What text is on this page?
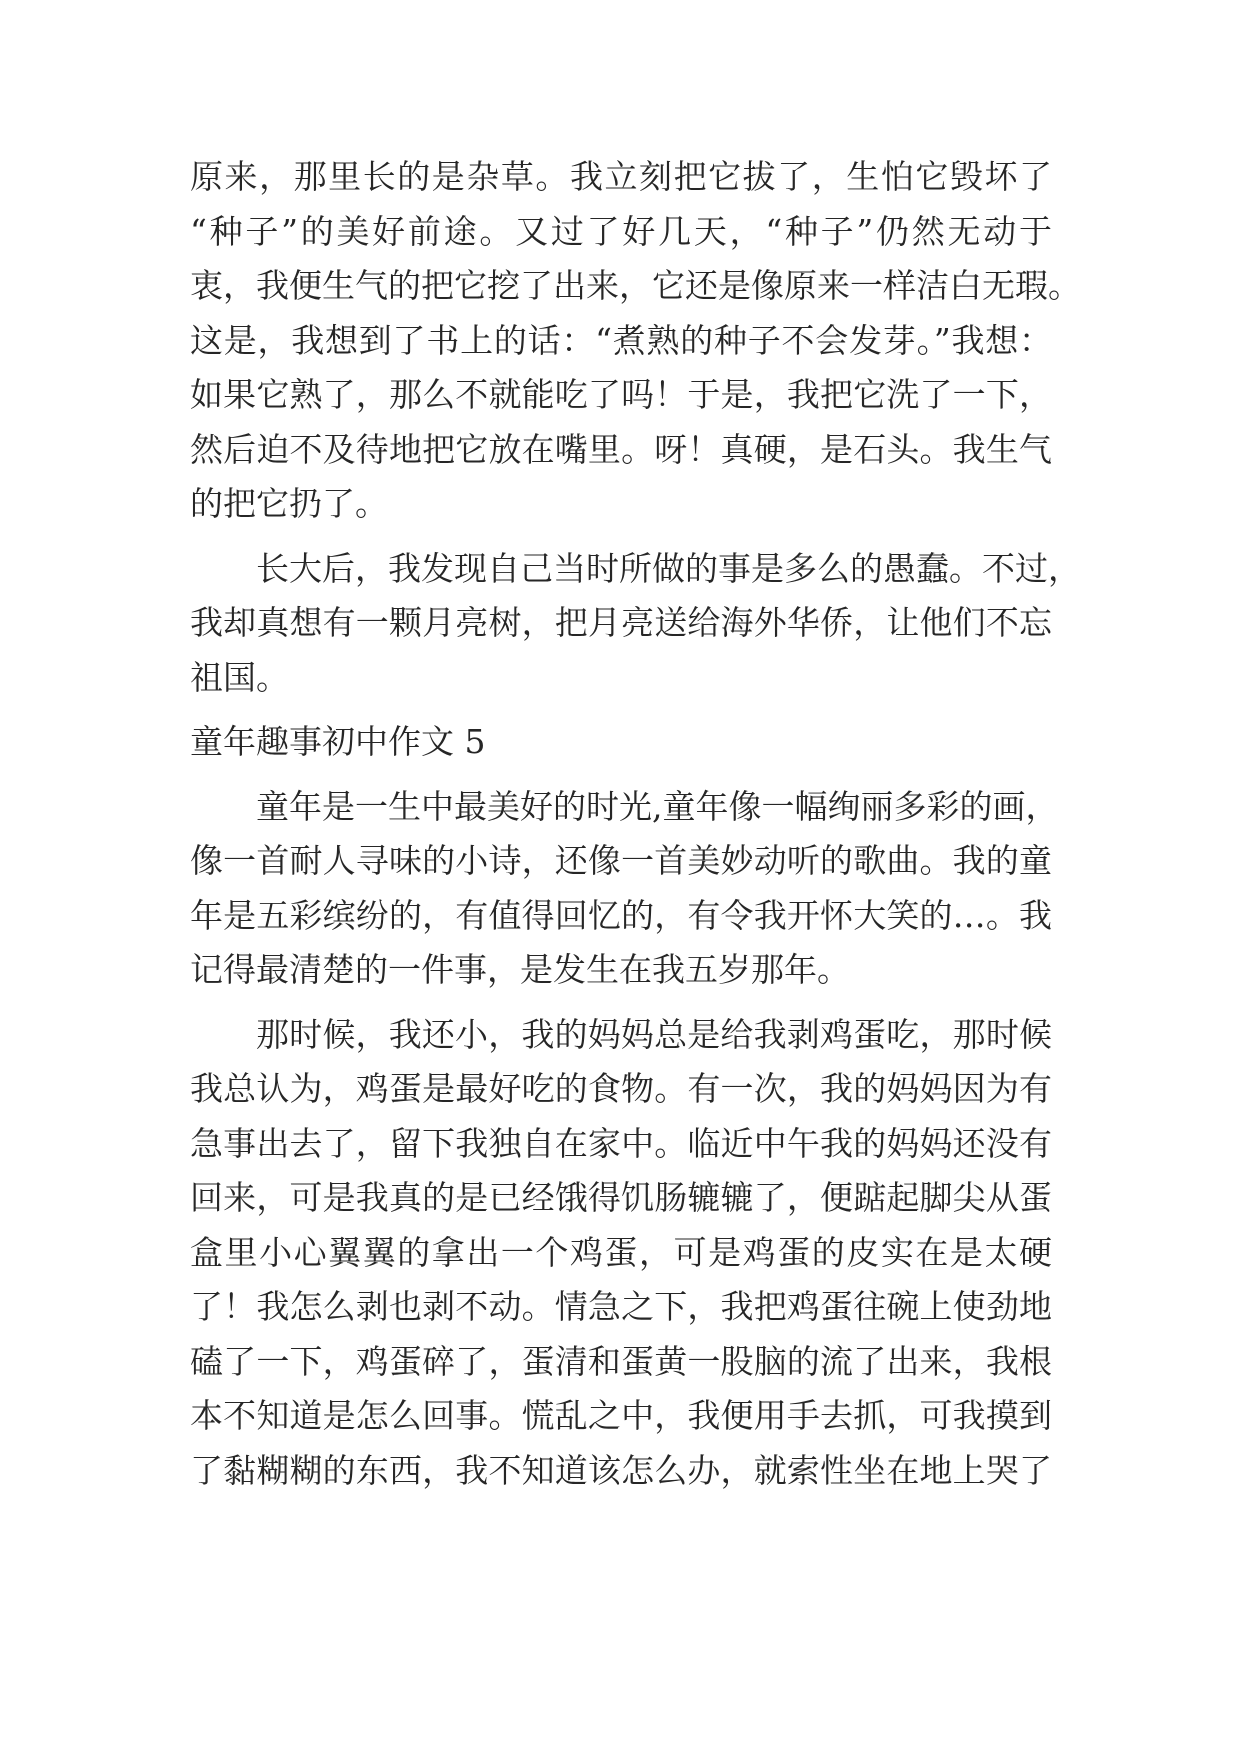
原来，那里长的是杂草。我立刻把它拔了，生怕它毁坏了
“种子”的美好前途。又过了好几天，“种子”仍然无动于
衷，我便生气的把它挖了出来，它还是像原来一样洁白无瑕。
这是，我想到了书上的话：“煮熟的种子不会发芽。”我想：
如果它熟了，那么不就能吃了吗！于是，我把它洗了一下，
然后迫不及待地把它放在嘴里。呀！真硬，是石头。我生气
的把它扔了。
长大后，我发现自己当时所做的事是多么的愚蠢。不过，
我却真想有一颗月亮树，把月亮送给海外华侨，让他们不忘
祖国。
童年趣事初中作文 5
童年是一生中最美好的时光,童年像一幅绚丽多彩的画，
像一首耐人寻味的小诗，还像一首美妙动听的歌曲。我的童
年是五彩缤纷的，有值得回忆的，有令我开怀大笑的…。我
记得最清楚的一件事，是发生在我五岁那年。
那时候，我还小，我的妈妈总是给我剥鸡蛋吃，那时候
我总认为，鸡蛋是最好吃的食物。有一次，我的妈妈因为有
急事出去了，留下我独自在家中。临近中午我的妈妈还没有
回来，可是我真的是已经饿得饥肠辘辘了，便踮起脚尖从蛋
盒里小心翼翼的拿出一个鸡蛋，可是鸡蛋的皮实在是太硬
了！我怎么剥也剥不动。情急之下，我把鸡蛋往碗上使劲地
磕了一下，鸡蛋碎了，蛋清和蛋黄一股脑的流了出来，我根
本不知道是怎么回事。慌乱之中，我便用手去抓，可我摸到
了黏糊糊的东西，我不知道该怎么办，就索性坐在地上哭了
